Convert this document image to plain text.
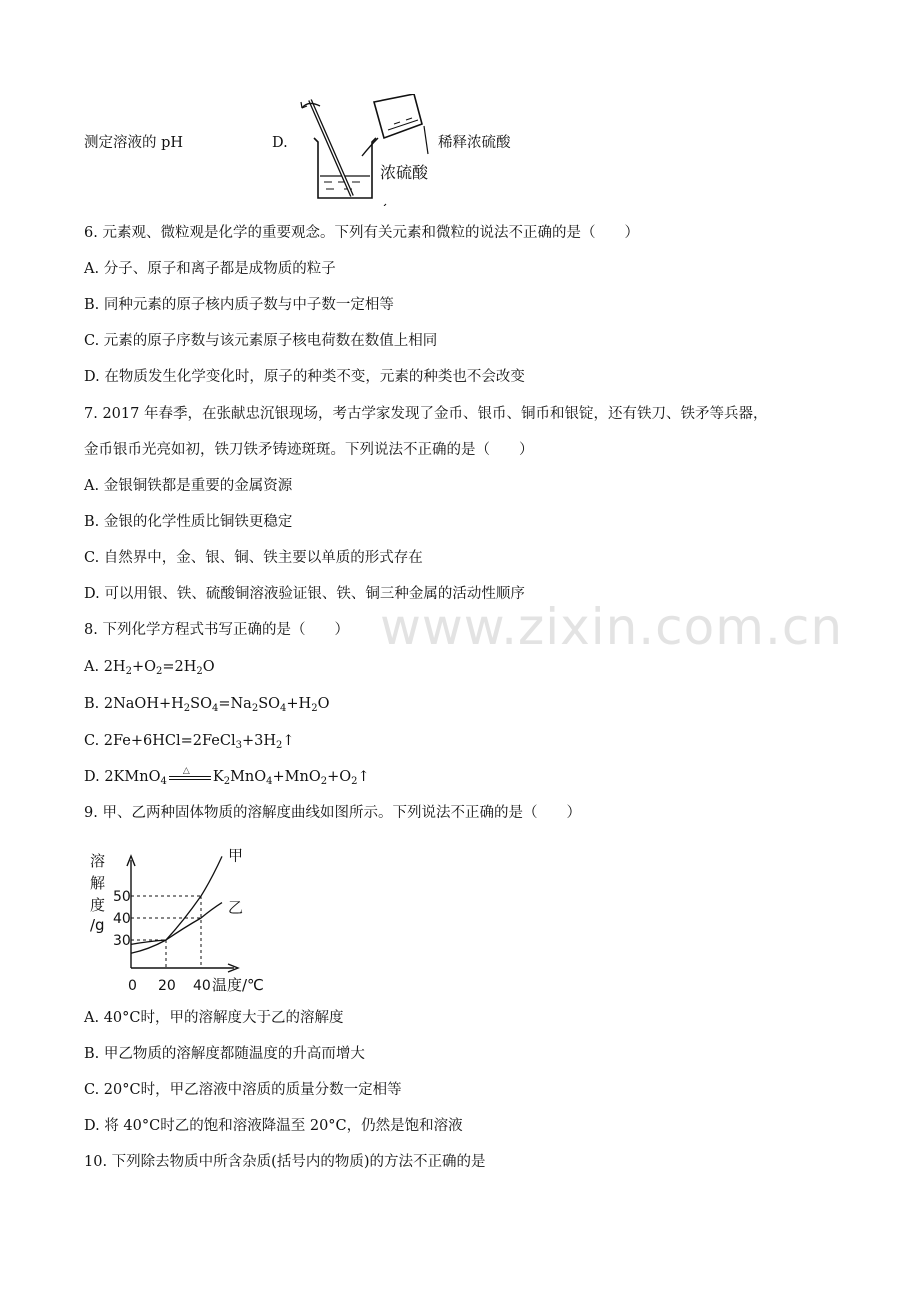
www.zixin.com.cn
测定溶液的 pH	D.
浓硫酸
稀释浓硫酸
6. 元素观、微粒观是化学的重要观念。下列有关元素和微粒的说法不正确的是（　　）
A. 分子、原子和离子都是成物质的粒子
B. 同种元素的原子核内质子数与中子数一定相等
C. 元素的原子序数与该元素原子核电荷数在数值上相同
D. 在物质发生化学变化时，原子的种类不变，元素的种类也不会改变
7. 2017 年春季，在张献忠沉银现场，考古学家发现了金币、银币、铜币和银锭，还有铁刀、铁矛等兵器，
金币银币光亮如初，铁刀铁矛铸迹斑斑。下列说法不正确的是（　　）
A. 金银铜铁都是重要的金属资源
B. 金银的化学性质比铜铁更稳定
C. 自然界中，金、银、铜、铁主要以单质的形式存在
D. 可以用银、铁、硫酸铜溶液验证银、铁、铜三种金属的活动性顺序
8. 下列化学方程式书写正确的是（　　）
A. $2H_2+O_2=2H_2O$
B. $2NaOH+H_2SO_4=Na_2SO_4+H_2O$
C. $2Fe+6HCl=2FeCl_3+3H_2↑$
D. 2KMnO$_4$
△ $K_2MnO_4+MnO_2+O_2↑$
9. 甲、乙两种固体物质的溶解度曲线如图所示。下列说法不正确的是（　　）
溶
解
度
/g
甲
乙
30
40
50
0 20 40 温度/℃
A. 40°C时，甲的溶解度大于乙的溶解度
B. 甲乙物质的溶解度都随温度的升高而增大
C. 20°C时，甲乙溶液中溶质的质量分数一定相等
D. 将 40°C时乙的饱和溶液降温至 20°C，仍然是饱和溶液
10. 下列除去物质中所含杂质(括号内的物质)的方法不正确的是
